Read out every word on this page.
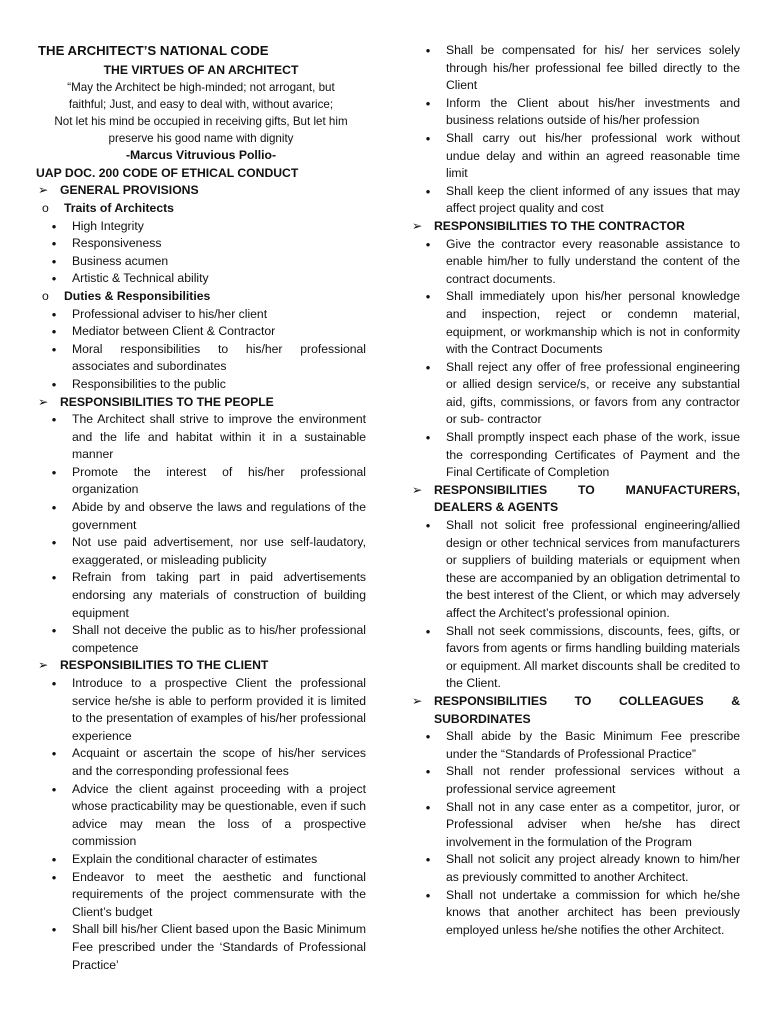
THE ARCHITECT’S NATIONAL CODE
THE VIRTUES OF AN ARCHITECT
“May the Architect be high-minded; not arrogant, but
faithful; Just, and easy to deal with, without avarice;
Not let his mind be occupied in receiving gifts, But let him
preserve his good name with dignity
-Marcus Vitruvious Pollio-
UAP DOC. 200 CODE OF ETHICAL CONDUCT
➢ GENERAL PROVISIONS
o	Traits of Architects
•	High Integrity
•	Responsiveness
•	Business acumen
•	Artistic & Technical ability
o	Duties & Responsibilities
•	Professional adviser to his/her client
•	Mediator between Client & Contractor
•	Moral responsibilities to his/her professional associates and subordinates
•	Responsibilities to the public
➢ RESPONSIBILITIES TO THE PEOPLE
•	The Architect shall strive to improve the environment and the life and habitat within it in a sustainable manner
•	Promote the interest of his/her professional organization
•	Abide by and observe the laws and regulations of the government
•	Not use paid advertisement, nor use self-laudatory, exaggerated, or misleading publicity
•	Refrain from taking part in paid advertisements endorsing any materials of construction of building equipment
•	Shall not deceive the public as to his/her professional competence
➢ RESPONSIBILITIES TO THE CLIENT
•	Introduce to a prospective Client the professional service he/she is able to perform provided it is limited to the presentation of examples of his/her professional experience
•	Acquaint or ascertain the scope of his/her services and the corresponding professional fees
•	Advice the client against proceeding with a project whose practicability may be questionable, even if such advice may mean the loss of a prospective commission
•	Explain the conditional character of estimates
•	Endeavor to meet the aesthetic and functional requirements of the project commensurate with the Client’s budget
•	Shall bill his/her Client based upon the Basic Minimum Fee prescribed under the ‘Standards of Professional Practice’
•	Shall be compensated for his/ her services solely through his/her professional fee billed directly to the Client
•	Inform the Client about his/her investments and business relations outside of his/her profession
•	Shall carry out his/her professional work without undue delay and within an agreed reasonable time limit
•	Shall keep the client informed of any issues that may affect project quality and cost
➢ RESPONSIBILITIES TO THE CONTRACTOR
•	Give the contractor every reasonable assistance to enable him/her to fully understand the content of the contract documents.
•	Shall immediately upon his/her personal knowledge and inspection, reject or condemn material, equipment, or workmanship which is not in conformity with the Contract Documents
•	Shall reject any offer of free professional engineering or allied design service/s, or receive any substantial aid, gifts, commissions, or favors from any contractor or sub- contractor
•	Shall promptly inspect each phase of the work, issue the corresponding Certificates of Payment and the Final Certificate of Completion
➢ RESPONSIBILITIES TO MANUFACTURERS, DEALERS & AGENTS
•	Shall not solicit free professional engineering/allied design or other technical services from manufacturers or suppliers of building materials or equipment when these are accompanied by an obligation detrimental to the best interest of the Client, or which may adversely affect the Architect’s professional opinion.
•	Shall not seek commissions, discounts, fees, gifts, or favors from agents or firms handling building materials or equipment. All market discounts shall be credited to the Client.
➢ RESPONSIBILITIES TO COLLEAGUES & SUBORDINATES
•	Shall abide by the Basic Minimum Fee prescribe under the “Standards of Professional Practice”
•	Shall not render professional services without a professional service agreement
•	Shall not in any case enter as a competitor, juror, or Professional adviser when he/she has direct involvement in the formulation of the Program
•	Shall not solicit any project already known to him/her as previously committed to another Architect.
•	Shall not undertake a commission for which he/she knows that another architect has been previously employed unless he/she notifies the other Architect.
